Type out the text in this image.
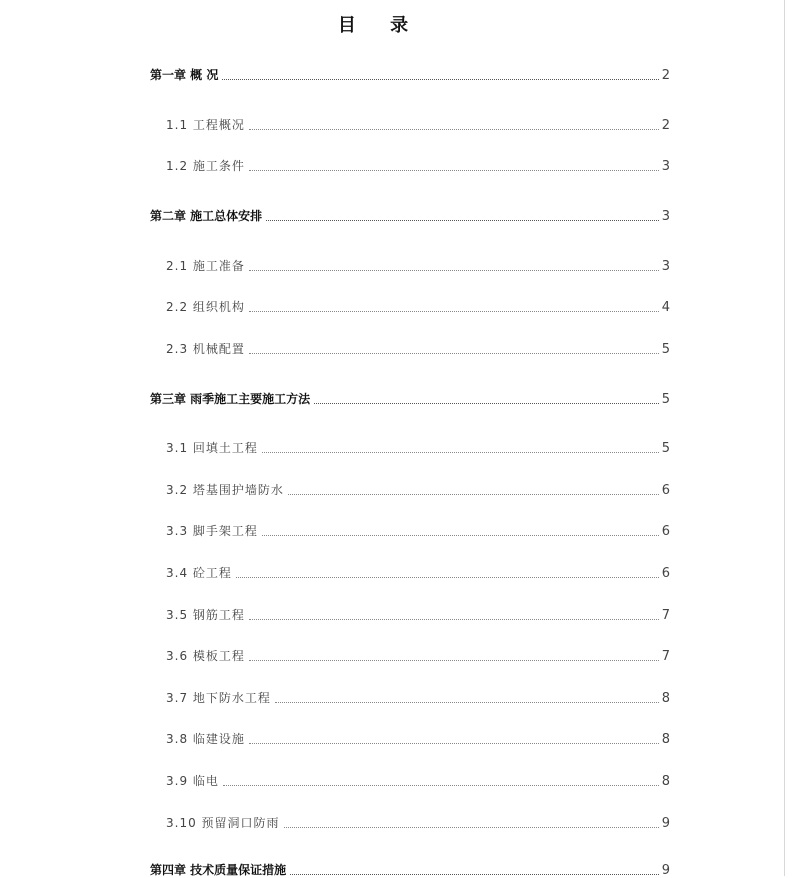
目 录
第一章 概 况	2
1.1 工程概况	2
1.2 施工条件	3
第二章 施工总体安排	3
2.1 施工准备	3
2.2 组织机构	4
2.3 机械配置	5
第三章 雨季施工主要施工方法	5
3.1 回填土工程	5
3.2 塔基围护墙防水	6
3.3 脚手架工程	6
3.4 砼工程	6
3.5 钢筋工程	7
3.6 模板工程	7
3.7 地下防水工程	8
3.8 临建设施	8
3.9 临电	8
3.10 预留洞口防雨	9
第四章 技术质量保证措施	9
